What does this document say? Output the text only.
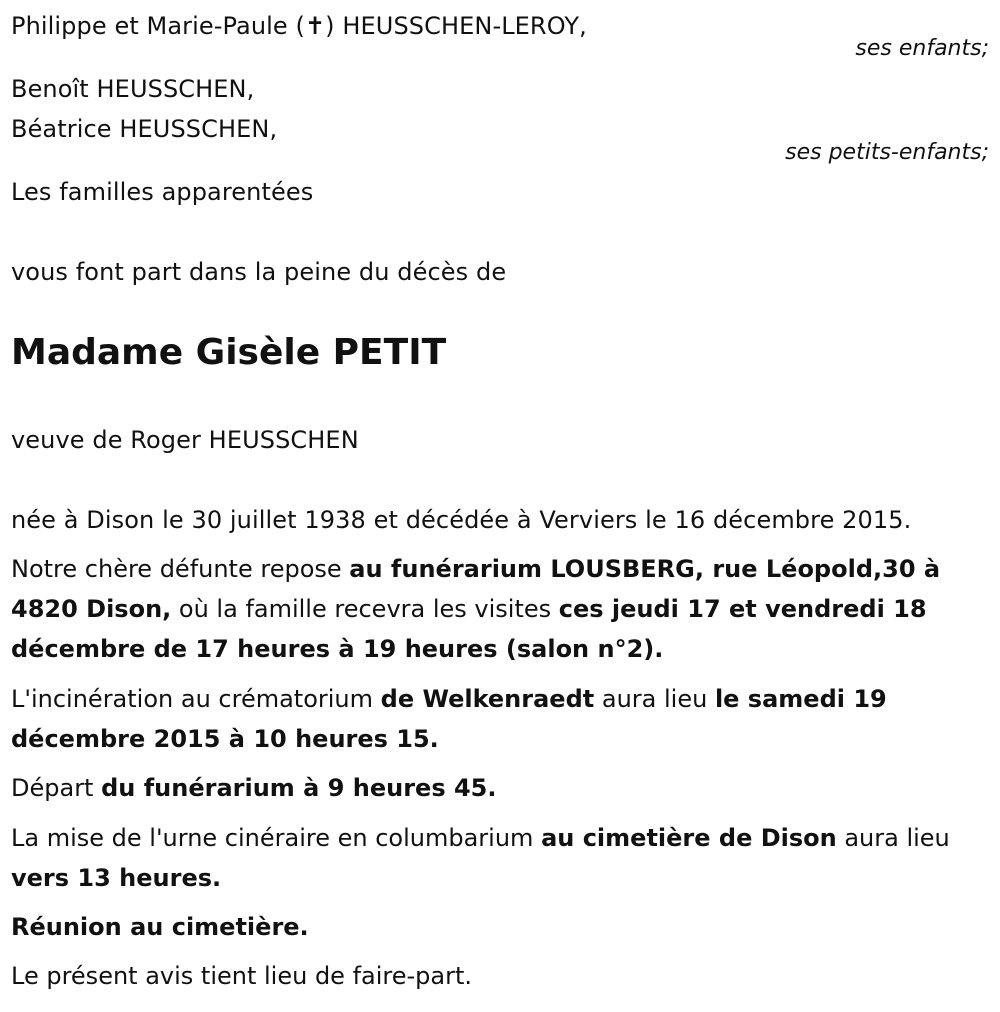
Philippe et Marie-Paule (✝) HEUSSCHEN-LEROY,
ses enfants;
Benoît HEUSSCHEN,
Béatrice HEUSSCHEN,
ses petits-enfants;
Les familles apparentées
vous font part dans la peine du décès de
Madame Gisèle PETIT
veuve de Roger HEUSSCHEN
née à Dison le 30 juillet 1938 et décédée à Verviers le 16 décembre 2015.
Notre chère défunte repose au funérarium LOUSBERG, rue Léopold,30 à 4820 Dison, où la famille recevra les visites ces jeudi 17 et vendredi 18 décembre de 17 heures à 19 heures (salon n°2).
L'incinération au crématorium de Welkenraedt aura lieu le samedi 19 décembre 2015 à 10 heures 15.
Départ du funérarium à 9 heures 45.
La mise de l'urne cinéraire en columbarium au cimetière de Dison aura lieu vers 13 heures.
Réunion au cimetière.
Le présent avis tient lieu de faire-part.
